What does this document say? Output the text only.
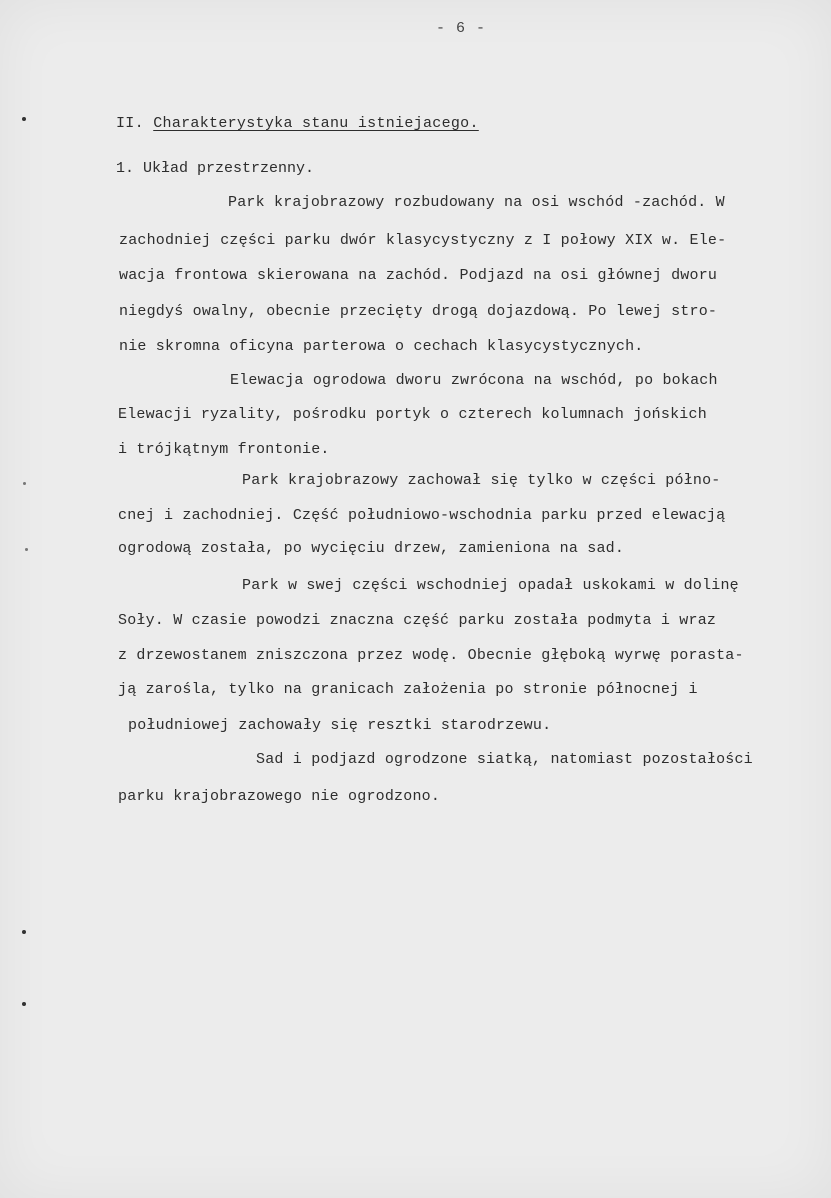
- 6 -
II. Charakterystyka stanu istniejacego.
1. Układ przestrzenny.
Park krajobrazowy rozbudowany na osi wschód -zachód. W
zachodniej części parku dwór klasycystyczny z I połowy XIX w. Ele-
wacja frontowa skierowana na zachód. Podjazd na osi głównej dworu
niegdyś owalny, obecnie przecięty drogą dojazdową. Po lewej stro-
nie skromna oficyna parterowa o cechach klasycystycznych.
Elewacja ogrodowa dworu zwrócona na wschód, po bokach
Elewacji ryzality, pośrodku portyk o czterech kolumnach jońskich
i trójkątnym frontonie.
Park krajobrazowy zachował się tylko w części półno-
cnej i zachodniej. Część południowo-wschodnia parku przed elewacją
ogrodową została, po wycięciu drzew, zamieniona na sad.
Park w swej części wschodniej opadał uskokami w dolinę
Soły. W czasie powodzi znaczna część parku została podmyta i wraz
z drzewostanem zniszczona przez wodę. Obecnie głęboką wyrwę porasta-
ją zarośla, tylko na granicach założenia po stronie północnej i
południowej zachowały się resztki starodrzewu.
Sad i podjazd ogrodzone siatką, natomiast pozostałości
parku krajobrazowego nie ogrodzono.
